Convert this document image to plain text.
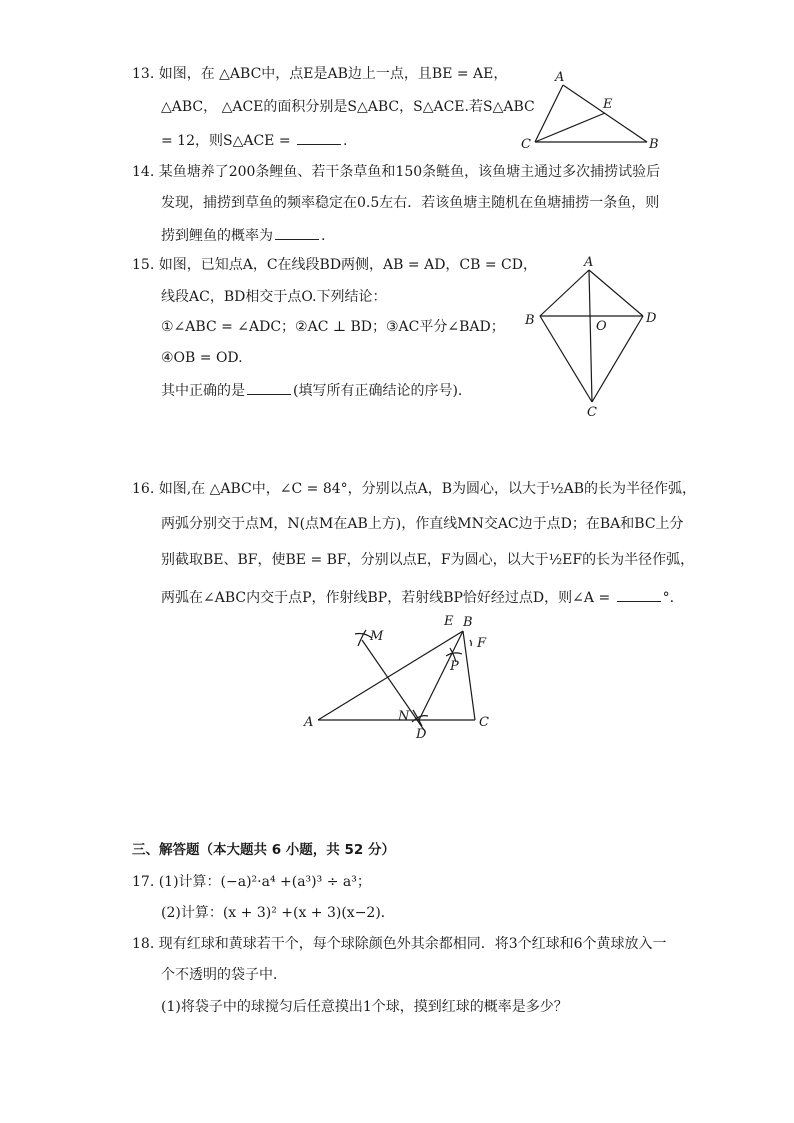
13. 如图，在 △ABC中，点E是AB边上一点，且BE = AE，
△ABC， △ACE的面积分别是S△ABC，S△ACE.若S△ABC
= 12，则S△ACE =	.
A
E
C	B
14. 某鱼塘养了200条鲤鱼、若干条草鱼和150条鲢鱼，该鱼塘主通过多次捕捞试验后
发现，捕捞到草鱼的频率稳定在0.5左右．若该鱼塘主随机在鱼塘捕捞一条鱼，则
捞到鲤鱼的概率为	.
15. 如图，已知点A，C在线段BD两侧，AB = AD，CB = CD，
线段AC，BD相交于点O.下列结论：
①∠ABC = ∠ADC；②AC ⊥ BD；③AC平分∠BAD；
④OB = OD.
其中正确的是	(填写所有正确结论的序号)．
A
B	O
D
C
16. 如图,在 △ABC中，∠C = 84°，分别以点A，B为圆心，以大于½AB的长为半径作弧，
两弧分别交于点M，N(点M在AB上方)，作直线MN交AC边于点D；在BA和BC上分
别截取BE、BF，使BE = BF，分别以点E，F为圆心，以大于½EF的长为半径作弧，
两弧在∠ABC内交于点P，作射线BP，若射线BP恰好经过点D，则∠A =	°.
M
E B
F
P
A	N
D
C
三、解答题（本大题共 6 小题，共 52 分）
17. (1)计算：(−a)²·a⁴ +(a³)³ ÷ a³；
(2)计算：(x + 3)² +(x + 3)(x−2)．
18. 现有红球和黄球若干个，每个球除颜色外其余都相同．将3个红球和6个黄球放入一
个不透明的袋子中．
(1)将袋子中的球搅匀后任意摸出1个球，摸到红球的概率是多少？
